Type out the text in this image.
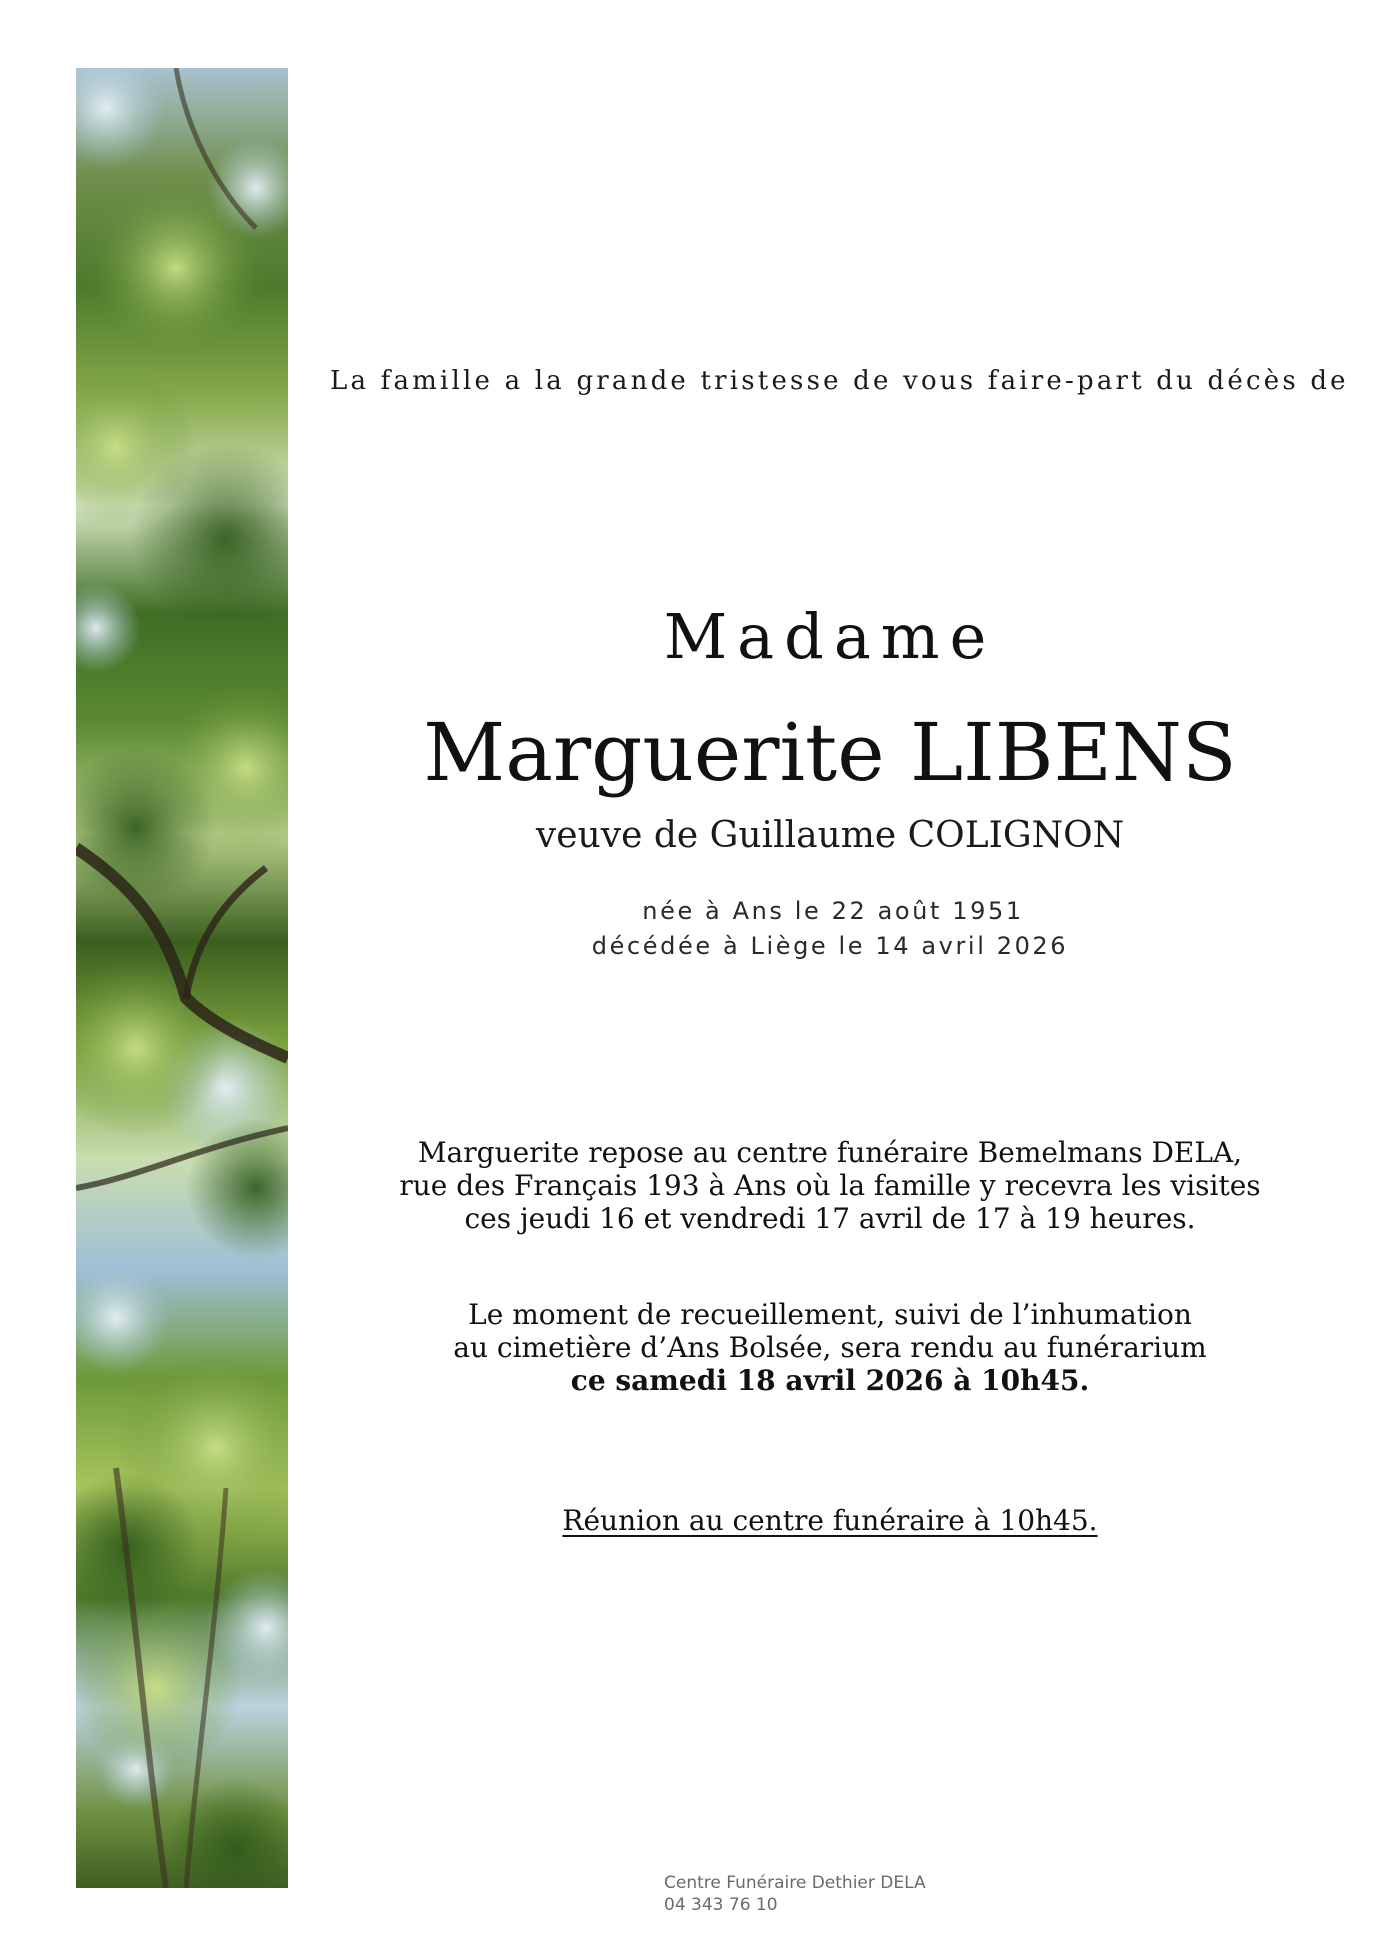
La famille a la grande tristesse de vous faire-part du décès de
Madame
Marguerite LIBENS
veuve de Guillaume COLIGNON
née à Ans le 22 août 1951
décédée à Liège le 14 avril 2026
Marguerite repose au centre funéraire Bemelmans DELA,
rue des Français 193 à Ans où la famille y recevra les visites
ces jeudi 16 et vendredi 17 avril de 17 à 19 heures.
Le moment de recueillement, suivi de l’inhumation
au cimetière d’Ans Bolsée, sera rendu au funérarium
ce samedi 18 avril 2026 à 10h45.
Réunion au centre funéraire à 10h45.
Centre Funéraire Dethier DELA
04 343 76 10
